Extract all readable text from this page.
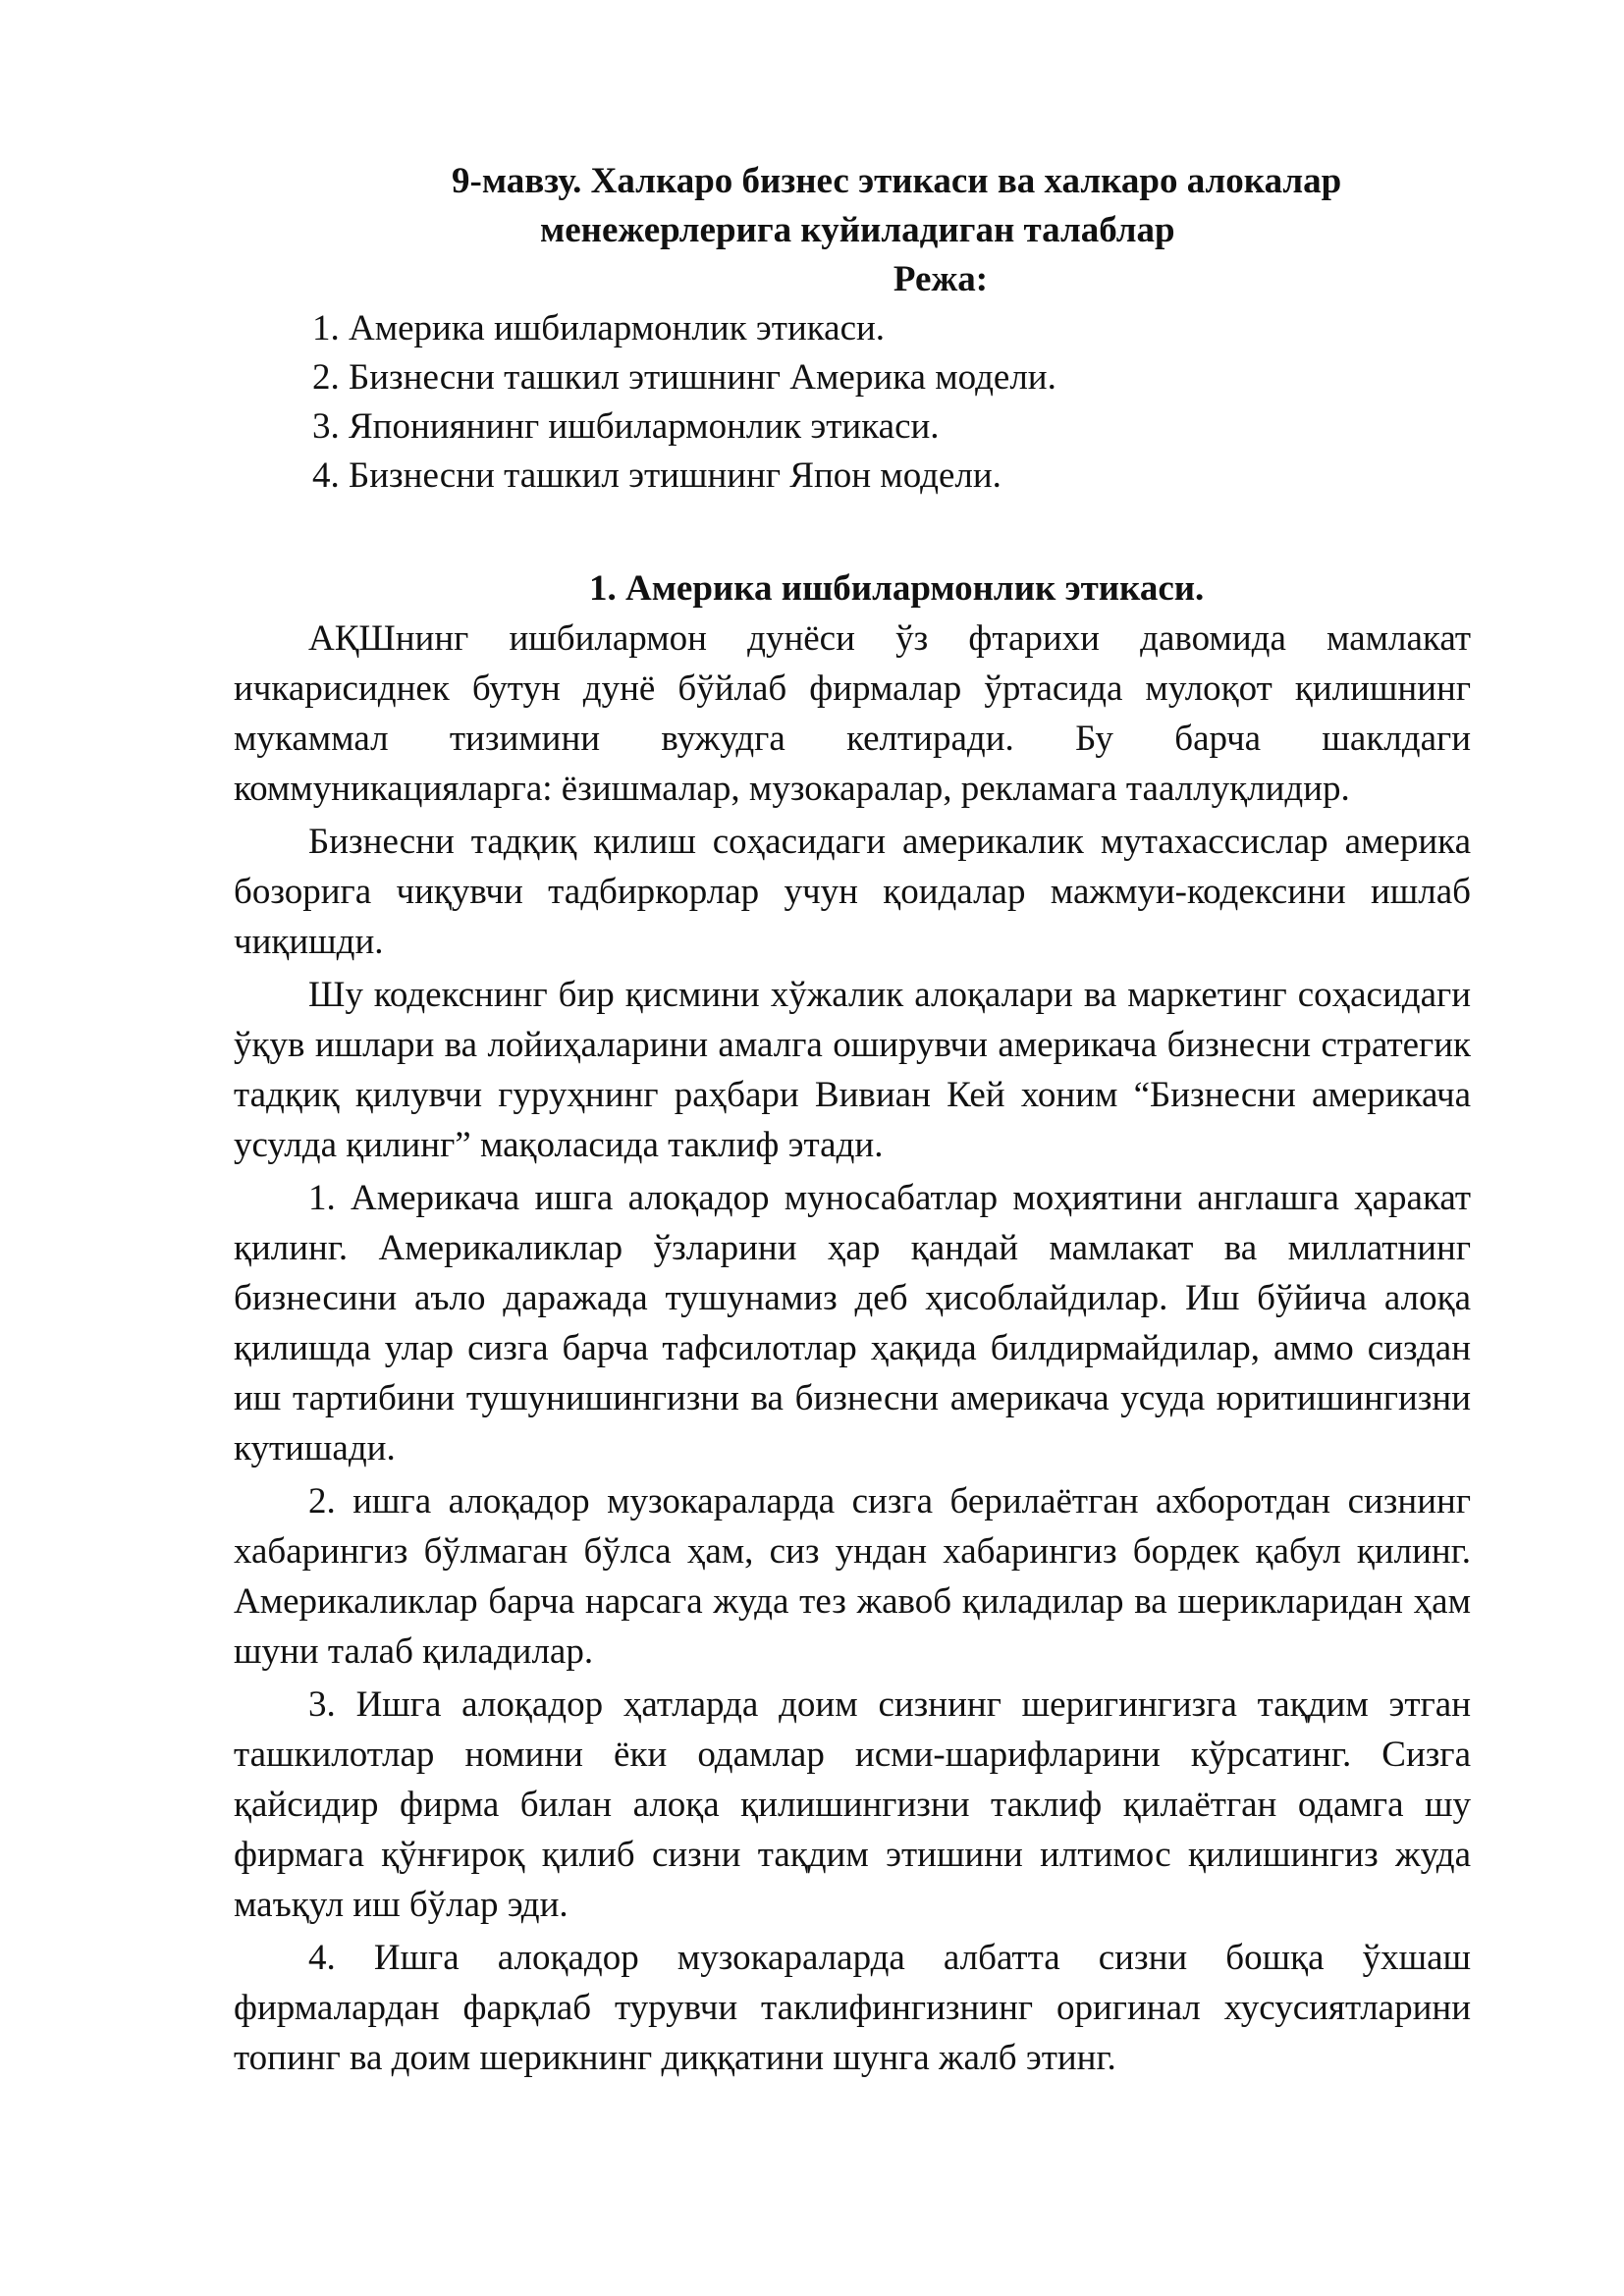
9-мавзу. Халкаро бизнес этикаси ва халкаро алокалар

менежерлерига куйиладиган талаблар

Режа:

1. Америка ишбилармонлик этикаси.
2. Бизнесни ташкил этишнинг Америка модели.
3. Япониянинг ишбилармонлик этикаси.
4. Бизнесни ташкил этишнинг Япон модели.

1. Америка ишбилармонлик этикаси.

АҚШнинг ишбилармон дунёси ўз фтарихи давомида мамлакат ичкарисиднек бутун дунё бўйлаб фирмалар ўртасида мулоқот қилишнинг мукаммал тизимини вужудга келтиради. Бу барча шаклдаги коммуникацияларга: ёзишмалар, музокаралар, рекламага тааллуқлидир.

Бизнесни тадқиқ қилиш соҳасидаги америкалик мутахассислар америка бозорига чиқувчи тадбиркорлар учун қоидалар мажмуи-кодексини ишлаб чиқишди.

Шу кодекснинг бир қисмини хўжалик алоқалари ва маркетинг соҳасидаги ўқув ишлари ва лойиҳаларини амалга оширувчи америкача бизнесни стратегик тадқиқ қилувчи гуруҳнинг раҳбари Вивиан Кей хоним “Бизнесни америкача усулда қилинг” мақоласида таклиф этади.

1. Америкача ишга алоқадор муносабатлар моҳиятини англашга ҳаракат қилинг. Америкаликлар ўзларини ҳар қандай мамлакат ва миллатнинг бизнесини аъло даражада тушунамиз деб ҳисоблайдилар. Иш бўйича алоқа қилишда улар сизга барча тафсилотлар ҳақида билдирмайдилар, аммо сиздан иш тартибини тушунишингизни ва бизнесни америкача усуда юритишингизни кутишади.

2. ишга алоқадор музокараларда сизга берилаётган ахборотдан сизнинг хабарингиз бўлмаган бўлса ҳам, сиз ундан хабарингиз бордек қабул қилинг. Америкаликлар барча нарсага жуда тез жавоб қиладилар ва шерикларидан ҳам шуни талаб қиладилар.

3. Ишга алоқадор ҳатларда доим сизнинг шеригингизга тақдим этган ташкилотлар номини ёки одамлар исми-шарифларини кўрсатинг. Сизга қайсидир фирма билан алоқа қилишингизни таклиф қилаётган одамга шу фирмага қўнғироқ қилиб сизни тақдим этишини илтимос қилишингиз жуда маъқул иш бўлар эди.

4. Ишга алоқадор музокараларда албатта сизни бошқа ўхшаш фирмалардан фарқлаб турувчи таклифингизнинг оригинал хусусиятларини топинг ва доим шерикнинг диққатини шунга жалб этинг.
